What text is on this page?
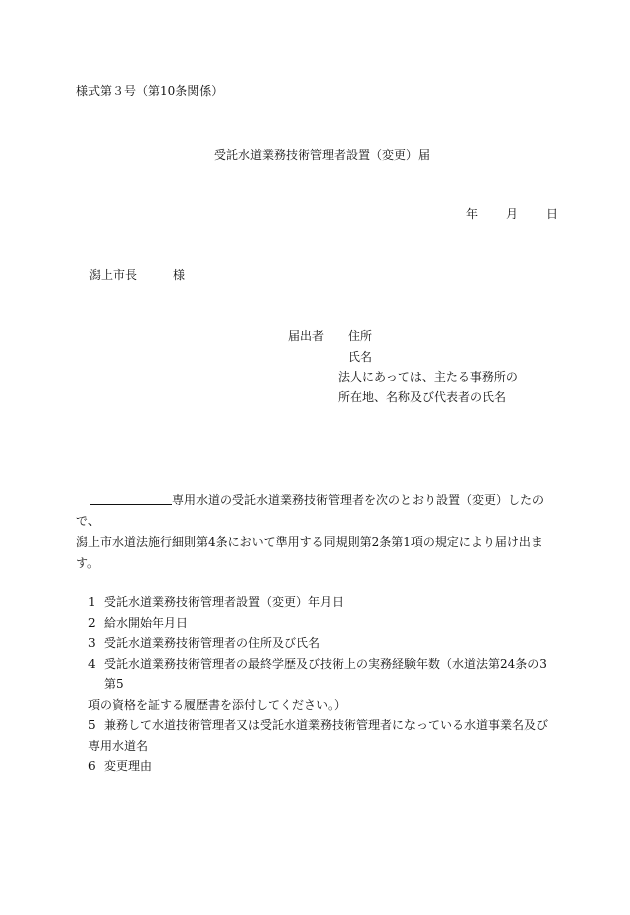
様式第３号（第10条関係）
受託水道業務技術管理者設置（変更）届
年 月 日
潟上市長	様
届出者 住所
氏名
法人にあっては、主たる事務所の
所在地、名称及び代表者の氏名
専用水道の受託水道業務技術管理者を次のとおり設置（変更）したので、
潟上市水道法施行細則第4条において準用する同規則第2条第1項の規定により届け出ま
す。
1 受託水道業務技術管理者設置（変更）年月日
2 給水開始年月日
3 受託水道業務技術管理者の住所及び氏名
4 受託水道業務技術管理者の最終学歴及び技術上の実務経験年数（水道法第24条の3第5
項の資格を証する履歴書を添付してください。）
5 兼務して水道技術管理者又は受託水道業務技術管理者になっている水道事業名及び
専用水道名
6 変更理由
